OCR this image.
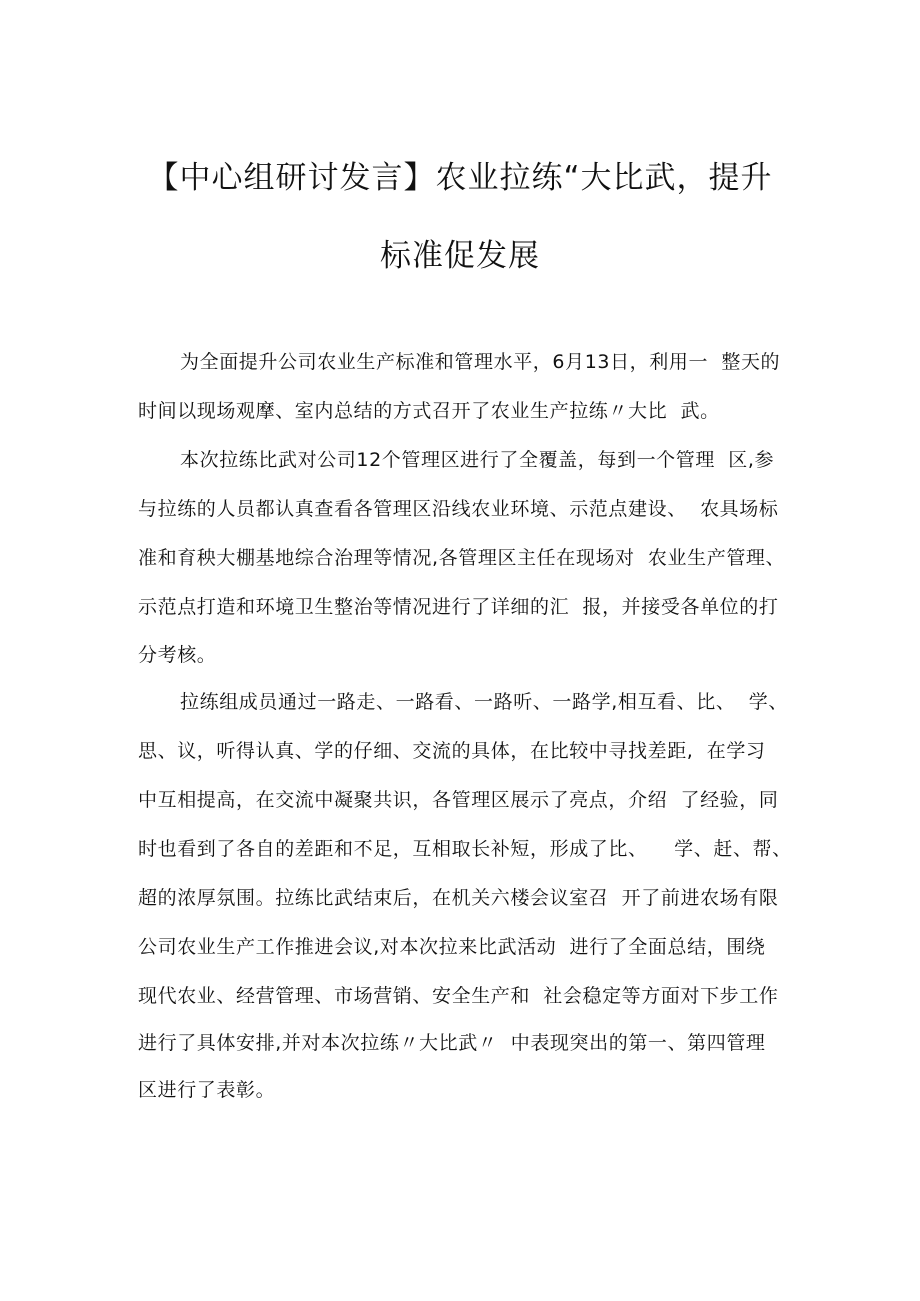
【中心组研讨发言】农业拉练“大比武，提升
标准促发展
为全面提升公司农业生产标准和管理水平，6月13日，利用一  整天的
时间以现场观摩、室内总结的方式召开了农业生产拉练〃大比  武。
本次拉练比武对公司12个管理区进行了全覆盖，每到一个管理  区,参
与拉练的人员都认真查看各管理区沿线农业环境、示范点建设、  农具场标
准和育秧大棚基地综合治理等情况,各管理区主任在现场对  农业生产管理、
示范点打造和环境卫生整治等情况进行了详细的汇  报，并接受各单位的打
分考核。
拉练组成员通过一路走、一路看、一路听、一路学,相互看、比、  学、
思、议，听得认真、学的仔细、交流的具体，在比较中寻找差距,  在学习
中互相提高，在交流中凝聚共识，各管理区展示了亮点，介绍  了经验，同
时也看到了各自的差距和不足，互相取长补短，形成了比、    学、赶、帮、
超的浓厚氛围。拉练比武结束后，在机关六楼会议室召  开了前进农场有限
公司农业生产工作推进会议,对本次拉来比武活动  进行了全面总结，围绕
现代农业、经营管理、市场营销、安全生产和  社会稳定等方面对下步工作
进行了具体安排,并对本次拉练〃大比武〃  中表现突出的第一、第四管理
区进行了表彰。
